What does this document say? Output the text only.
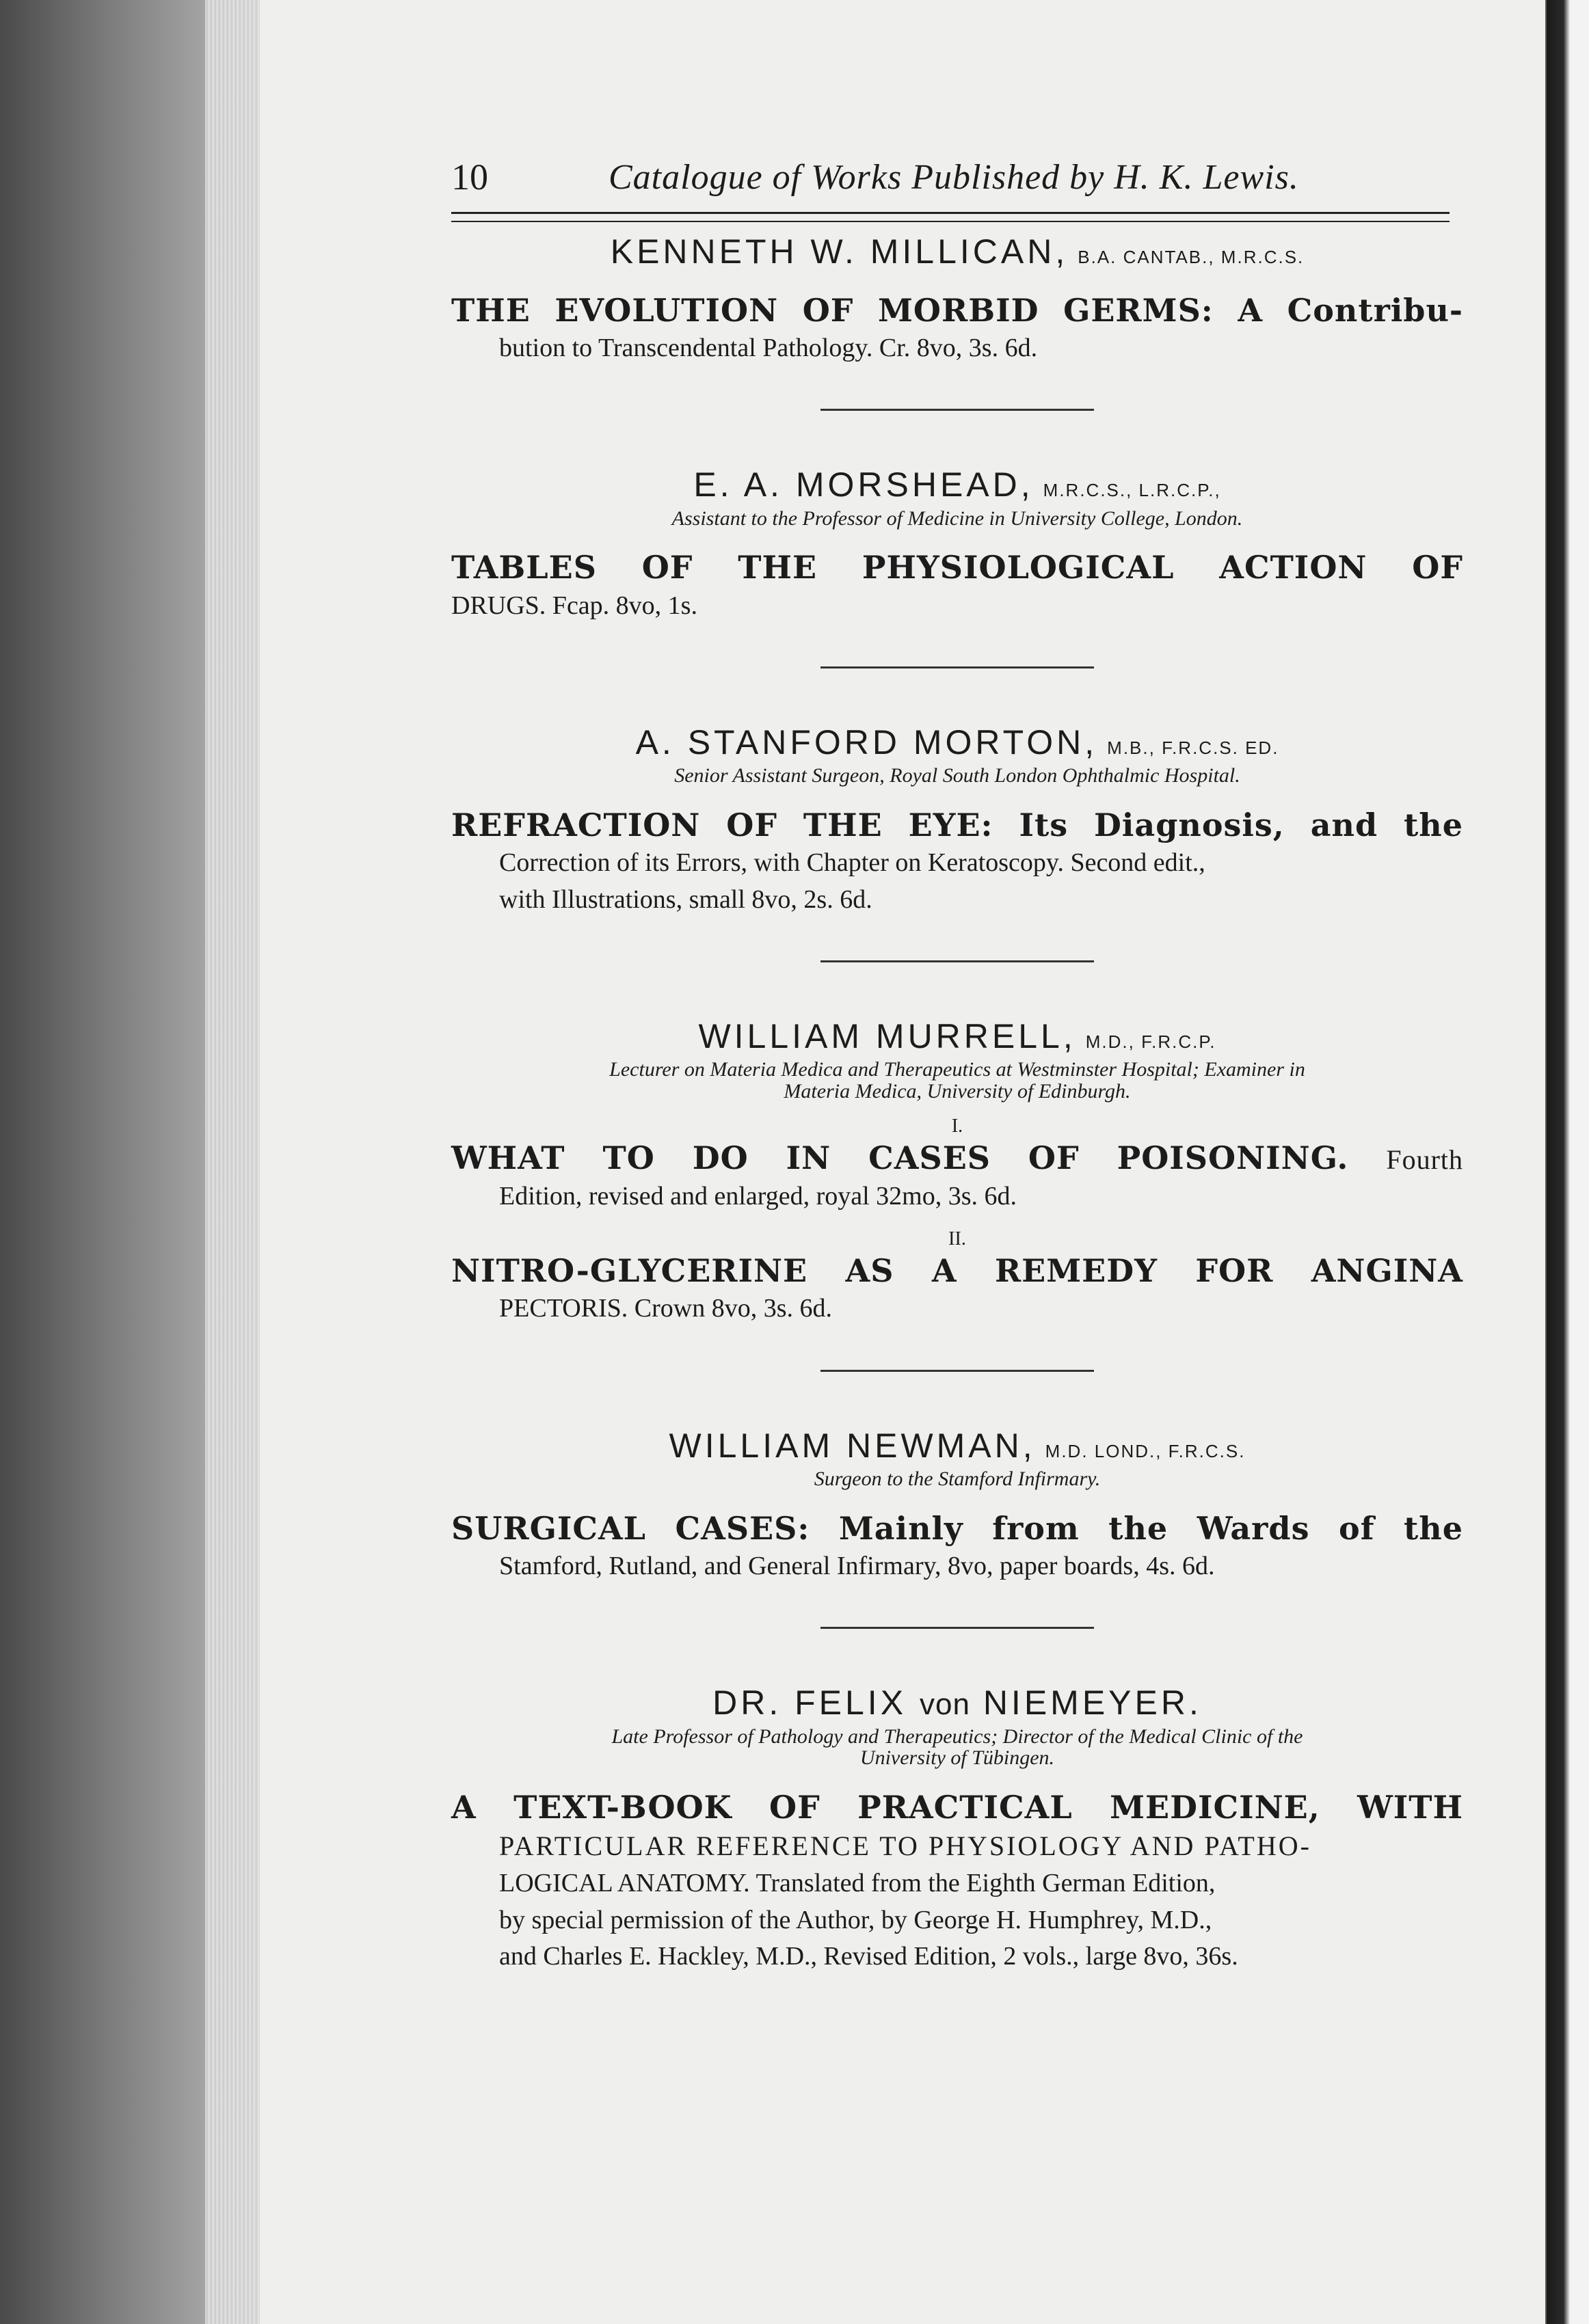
10	Catalogue of Works Published by H. K. Lewis.

KENNETH W. MILLICAN, B.A. CANTAB., M.R.C.S.

THE EVOLUTION OF MORBID GERMS: A Contribu-
bution to Transcendental Pathology. Cr. 8vo, 3s. 6d.

E. A. MORSHEAD, M.R.C.S., L.R.C.P.,

Assistant to the Professor of Medicine in University College, London.

TABLES OF THE PHYSIOLOGICAL ACTION OF
DRUGS. Fcap. 8vo, 1s.

A. STANFORD MORTON, M.B., F.R.C.S. ED.

Senior Assistant Surgeon, Royal South London Ophthalmic Hospital.

REFRACTION OF THE EYE: Its Diagnosis, and the
Correction of its Errors, with Chapter on Keratoscopy. Second edit.,
with Illustrations, small 8vo, 2s. 6d.

WILLIAM MURRELL, M.D., F.R.C.P.

Lecturer on Materia Medica and Therapeutics at Westminster Hospital; Examiner in

Materia Medica, University of Edinburgh.

I.
WHAT TO DO IN CASES OF POISONING. Fourth
Edition, revised and enlarged, royal 32mo, 3s. 6d.
II.
NITRO-GLYCERINE AS A REMEDY FOR ANGINA
PECTORIS. Crown 8vo, 3s. 6d.

WILLIAM NEWMAN, M.D. LOND., F.R.C.S.

Surgeon to the Stamford Infirmary.

SURGICAL CASES: Mainly from the Wards of the
Stamford, Rutland, and General Infirmary, 8vo, paper boards, 4s. 6d.

DR. FELIX von NIEMEYER.

Late Professor of Pathology and Therapeutics; Director of the Medical Clinic of the

University of Tübingen.

A TEXT-BOOK OF PRACTICAL MEDICINE, WITH
PARTICULAR REFERENCE TO PHYSIOLOGY AND PATHO-
LOGICAL ANATOMY. Translated from the Eighth German Edition,
by special permission of the Author, by George H. Humphrey, M.D.,
and Charles E. Hackley, M.D., Revised Edition, 2 vols., large 8vo, 36s.
